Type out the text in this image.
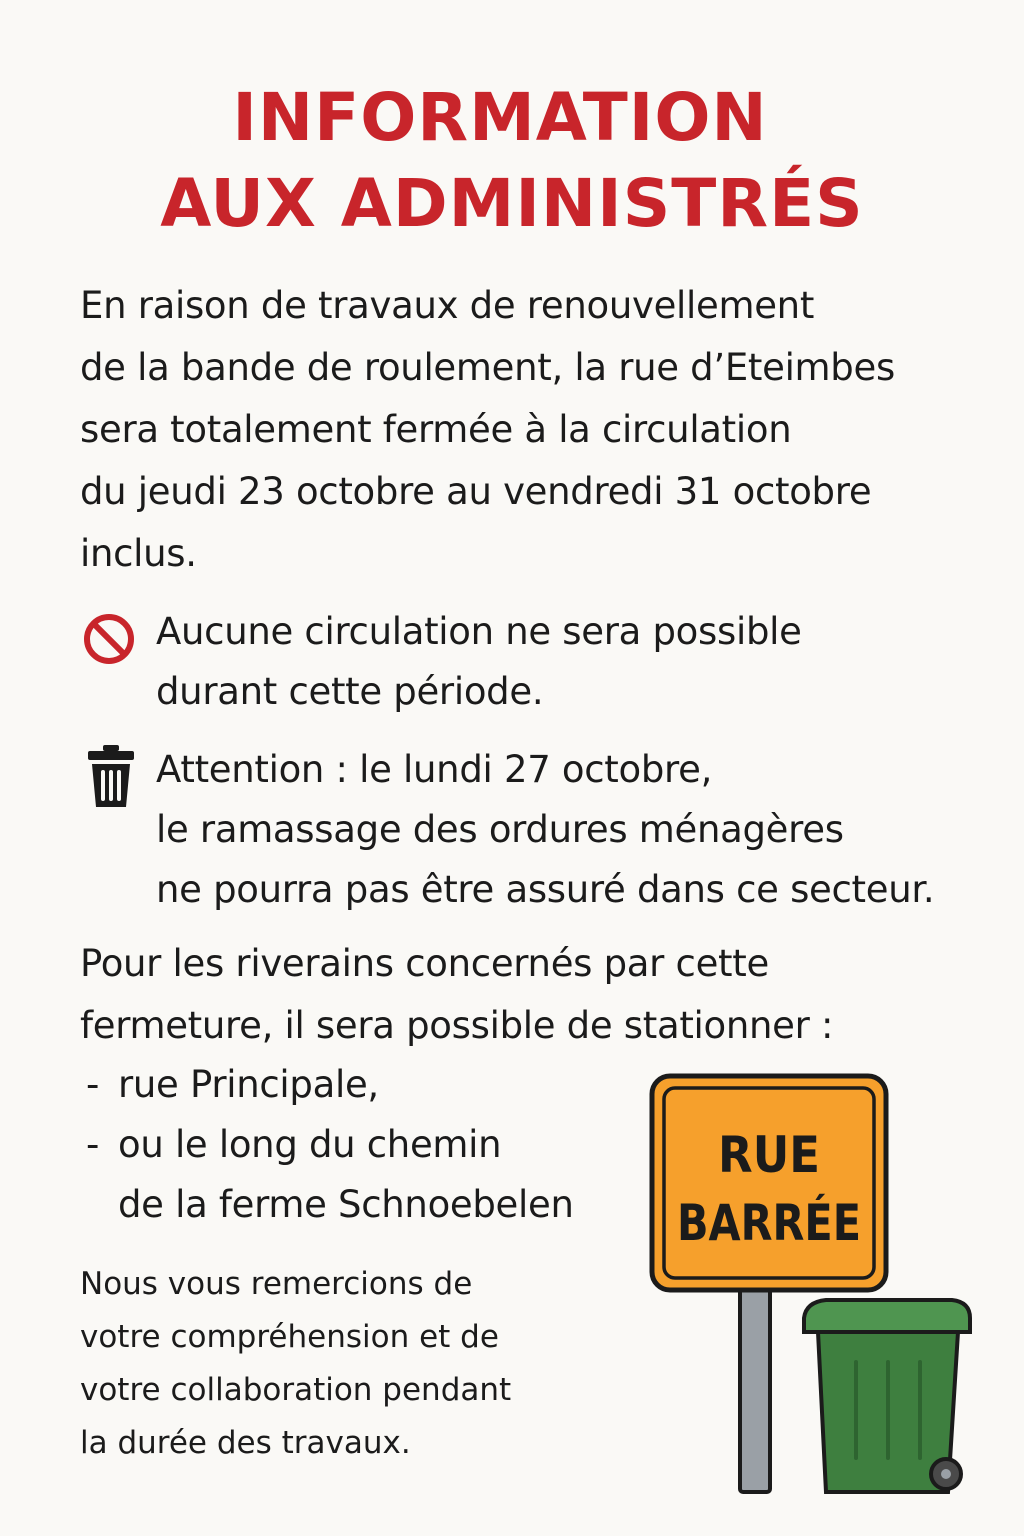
INFORMATION
AUX ADMINISTRÉS
En raison de travaux de renouvellement
de la bande de roulement, la rue d’Eteimbes
sera totalement fermée à la circulation
du jeudi 23 octobre au vendredi 31 octobre
inclus.
Aucune circulation ne sera possible
durant cette période.
Attention : le lundi 27 octobre,
le ramassage des ordures ménagères
ne pourra pas être assuré dans ce secteur.
Pour les riverains concernés par cette
fermeture, il sera possible de stationner :
- rue Principale,
- ou le long du chemin
de la ferme Schnoebelen
Nous vous remercions de
votre compréhension et de
votre collaboration pendant
la durée des travaux.
RUE
BARRÉE
